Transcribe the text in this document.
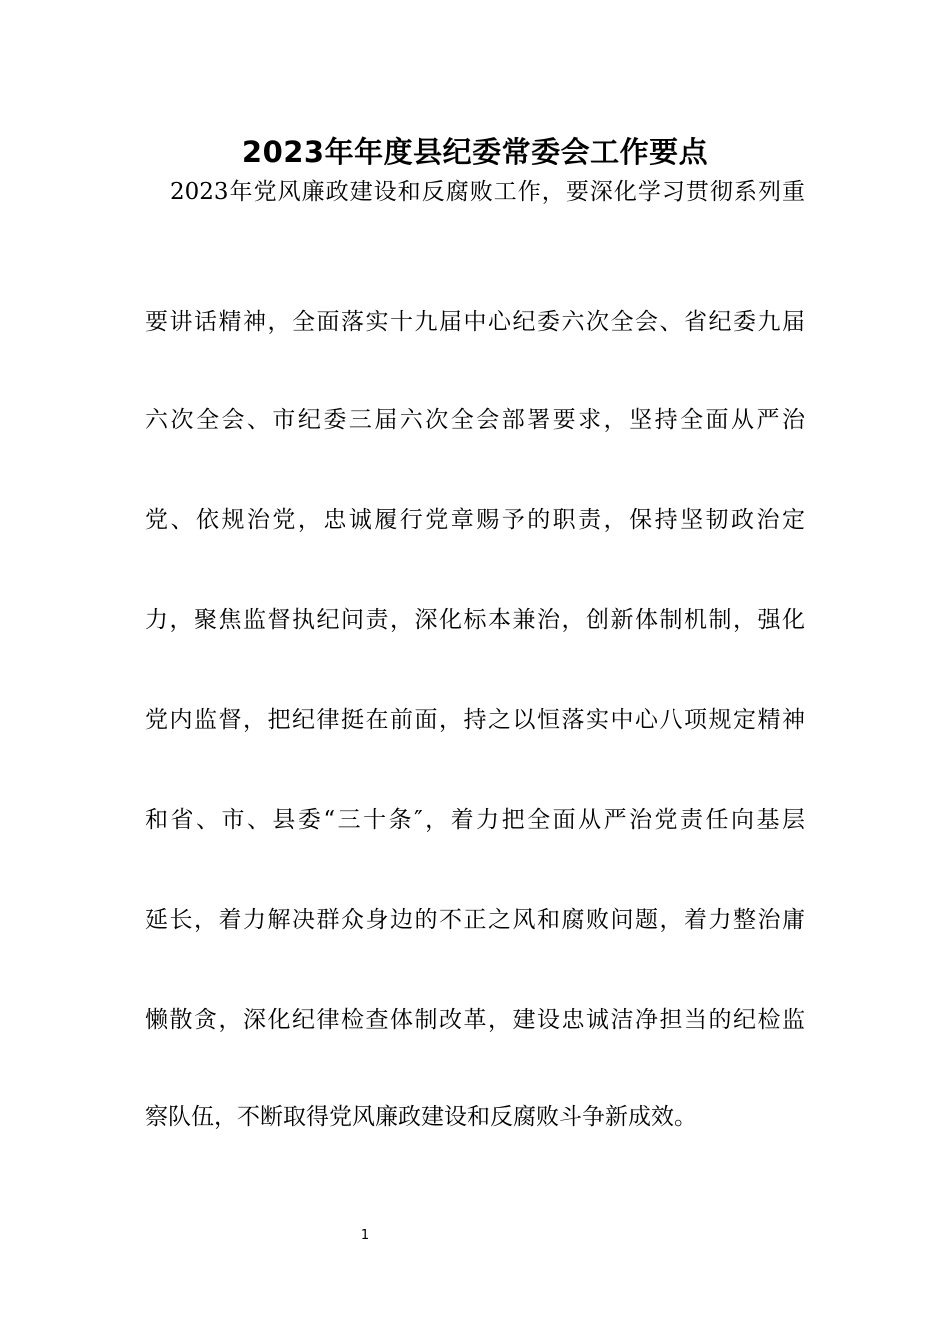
2023年年度县纪委常委会工作要点
2023年党风廉政建设和反腐败工作，要深化学习贯彻系列重
要讲话精神，全面落实十九届中心纪委六次全会、省纪委九届
六次全会、市纪委三届六次全会部署要求，坚持全面从严治
党、依规治党，忠诚履行党章赐予的职责，保持坚韧政治定
力，聚焦监督执纪问责，深化标本兼治，创新体制机制，强化
党内监督，把纪律挺在前面，持之以恒落实中心八项规定精神
和省、市、县委“三十条″，着力把全面从严治党责任向基层
延长，着力解决群众身边的不正之风和腐败问题，着力整治庸
懒散贪，深化纪律检查体制改革，建设忠诚洁净担当的纪检监
察队伍，不断取得党风廉政建设和反腐败斗争新成效。
1
